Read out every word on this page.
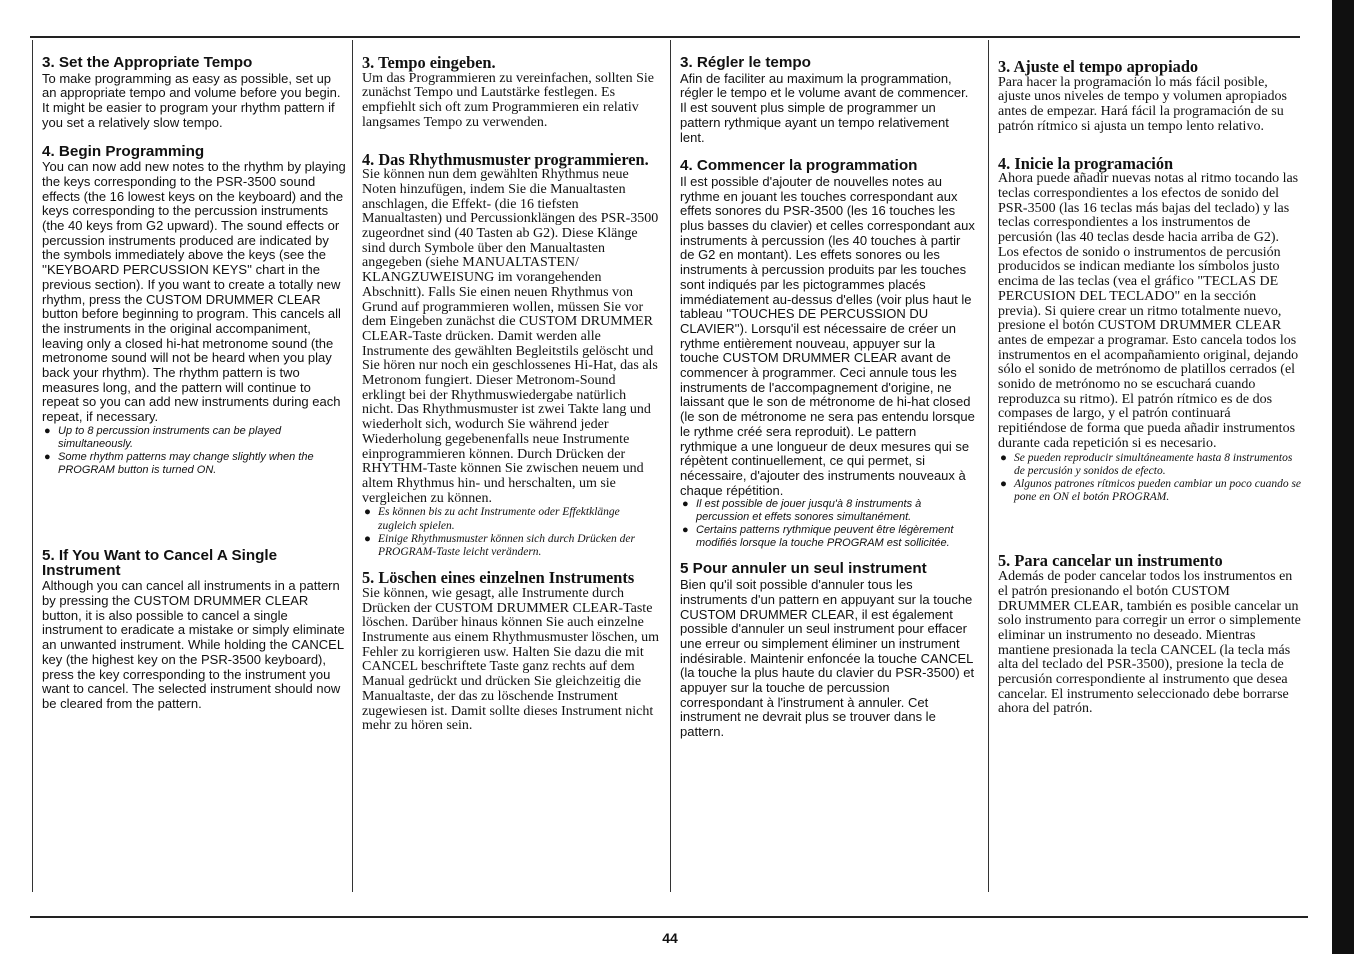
3. Set the Appropriate Tempo

To make programming as easy as possible, set up an appropriate tempo and volume before you begin. It might be easier to program your rhythm pattern if you set a relatively slow tempo.

4. Begin Programming

You can now add new notes to the rhythm by playing the keys corresponding to the PSR-3500 sound effects (the 16 lowest keys on the keyboard) and the keys corresponding to the percussion instruments (the 40 keys from G2 upward). The sound effects or percussion instruments produced are indicated by the symbols immediately above the keys (see the ''KEYBOARD PERCUSSION KEYS'' chart in the previous section). If you want to create a totally new rhythm, press the CUSTOM DRUMMER CLEAR button before beginning to program. This cancels all the instruments in the original accompaniment, leaving only a closed hi-hat metronome sound (the metronome sound will not be heard when you play back your rhythm). The rhythm pattern is two measures long, and the pattern will continue to repeat so you can add new instruments during each repeat, if necessary.

● Up to 8 percussion instruments can be played simultaneously.
● Some rhythm patterns may change slightly when the PROGRAM button is turned ON.
5. If You Want to Cancel A Single Instrument

Although you can cancel all instruments in a pattern by pressing the CUSTOM DRUMMER CLEAR button, it is also possible to cancel a single instrument to eradicate a mistake or simply eliminate an unwanted instrument. While holding the CANCEL key (the highest key on the PSR-3500 keyboard), press the key corresponding to the instrument you want to cancel. The selected instrument should now be cleared from the pattern.

3. Tempo eingeben.

Um das Programmieren zu vereinfachen, sollten Sie zunächst Tempo und Lautstärke festlegen. Es empfiehlt sich oft zum Programmieren ein relativ langsames Tempo zu verwenden.

4. Das Rhythmusmuster programmieren.

Sie können nun dem gewählten Rhythmus neue Noten hinzufügen, indem Sie die Manualtasten anschlagen, die Effekt- (die 16 tiefsten Manualtasten) und Percussionklängen des PSR-3500 zugeordnet sind (40 Tasten ab G2). Diese Klänge sind durch Symbole über den Manualtasten angegeben (siehe MANUALTASTEN/ KLANGZUWEISUNG im vorangehenden Abschnitt). Falls Sie einen neuen Rhythmus von Grund auf programmieren wollen, müssen Sie vor dem Eingeben zunächst die CUSTOM DRUMMER CLEAR-Taste drücken. Damit werden alle Instrumente des gewählten Begleitstils gelöscht und Sie hören nur noch ein geschlossenes Hi-Hat, das als Metronom fungiert. Dieser Metronom-Sound erklingt bei der Rhythmuswiedergabe natürlich nicht. Das Rhythmusmuster ist zwei Takte lang und wiederholt sich, wodurch Sie während jeder Wiederholung gegebenenfalls neue Instrumente einprogrammieren können. Durch Drücken der RHYTHM-Taste können Sie zwischen neuem und altem Rhythmus hin- und herschalten, um sie vergleichen zu können.

● Es können bis zu acht Instrumente oder Effektklänge zugleich spielen.
● Einige Rhythmusmuster können sich durch Drücken der PROGRAM-Taste leicht verändern.
5. Löschen eines einzelnen Instruments

Sie können, wie gesagt, alle Instrumente durch Drücken der CUSTOM DRUMMER CLEAR-Taste löschen. Darüber hinaus können Sie auch einzelne Instrumente aus einem Rhythmusmuster löschen, um Fehler zu korrigieren usw. Halten Sie dazu die mit CANCEL beschriftete Taste ganz rechts auf dem Manual gedrückt und drücken Sie gleichzeitig die Manualtaste, der das zu löschende Instrument zugewiesen ist. Damit sollte dieses Instrument nicht mehr zu hören sein.

3. Régler le tempo

Afin de faciliter au maximum la programmation, régler le tempo et le volume avant de commencer. Il est souvent plus simple de programmer un pattern rythmique ayant un tempo relativement lent.

4. Commencer la programmation

Il est possible d'ajouter de nouvelles notes au rythme en jouant les touches correspondant aux effets sonores du PSR-3500 (les 16 touches les plus basses du clavier) et celles correspondant aux instruments à percussion (les 40 touches à partir de G2 en montant). Les effets sonores ou les instruments à percussion produits par les touches sont indiqués par les pictogrammes placés immédiatement au-dessus d'elles (voir plus haut le tableau ''TOUCHES DE PERCUSSION DU CLAVIER''). Lorsqu'il est nécessaire de créer un rythme entièrement nouveau, appuyer sur la touche CUSTOM DRUMMER CLEAR avant de commencer à programmer. Ceci annule tous les instruments de l'accompagnement d'origine, ne laissant que le son de métronome de hi-hat closed (le son de métronome ne sera pas entendu lorsque le rythme créé sera reproduit). Le pattern rythmique a une longueur de deux mesures qui se répètent continuellement, ce qui permet, si nécessaire, d'ajouter des instruments nouveaux à chaque répétition.

● Il est possible de jouer jusqu'à 8 instruments à percussion et effets sonores simultanément.
● Certains patterns rythmique peuvent être légèrement modifiés lorsque la touche PROGRAM est sollicitée.
5 Pour annuler un seul instrument

Bien qu'il soit possible d'annuler tous les instruments d'un pattern en appuyant sur la touche CUSTOM DRUMMER CLEAR, il est également possible d'annuler un seul instrument pour effacer une erreur ou simplement éliminer un instrument indésirable. Maintenir enfoncée la touche CANCEL (la touche la plus haute du clavier du PSR-3500) et appuyer sur la touche de percussion correspondant à l'instrument à annuler. Cet instrument ne devrait plus se trouver dans le pattern.

3. Ajuste el tempo apropiado

Para hacer la programación lo más fácil posible, ajuste unos niveles de tempo y volumen apropiados antes de empezar. Hará fácil la programación de su patrón rítmico si ajusta un tempo lento relativo.

4. Inicie la programación

Ahora puede añadir nuevas notas al ritmo tocando las teclas correspondientes a los efectos de sonido del PSR-3500 (las 16 teclas más bajas del teclado) y las teclas correspondientes a los instrumentos de percusión (las 40 teclas desde hacia arriba de G2). Los efectos de sonido o instrumentos de percusión producidos se indican mediante los símbolos justo encima de las teclas (vea el gráfico "TECLAS DE PERCUSION DEL TECLADO" en la sección previa). Si quiere crear un ritmo totalmente nuevo, presione el botón CUSTOM DRUMMER CLEAR antes de empezar a programar. Esto cancela todos los instrumentos en el acompañamiento original, dejando sólo el sonido de metrónomo de platillos cerrados (el sonido de metrónomo no se escuchará cuando reproduzca su ritmo). El patrón rítmico es de dos compases de largo, y el patrón continuará repitiéndose de forma que pueda añadir instrumentos durante cada repetición si es necesario.

● Se pueden reproducir simultáneamente hasta 8 instrumentos de percusión y sonidos de efecto.
● Algunos patrones rítmicos pueden cambiar un poco cuando se pone en ON el botón PROGRAM.
5. Para cancelar un instrumento

Además de poder cancelar todos los instrumentos en el patrón presionando el botón CUSTOM DRUMMER CLEAR, también es posible cancelar un solo instrumento para corregir un error o simplemente eliminar un instrumento no deseado. Mientras mantiene presionada la tecla CANCEL (la tecla más alta del teclado del PSR-3500), presione la tecla de percusión correspondiente al instrumento que desea cancelar. El instrumento seleccionado debe borrarse ahora del patrón.

44
